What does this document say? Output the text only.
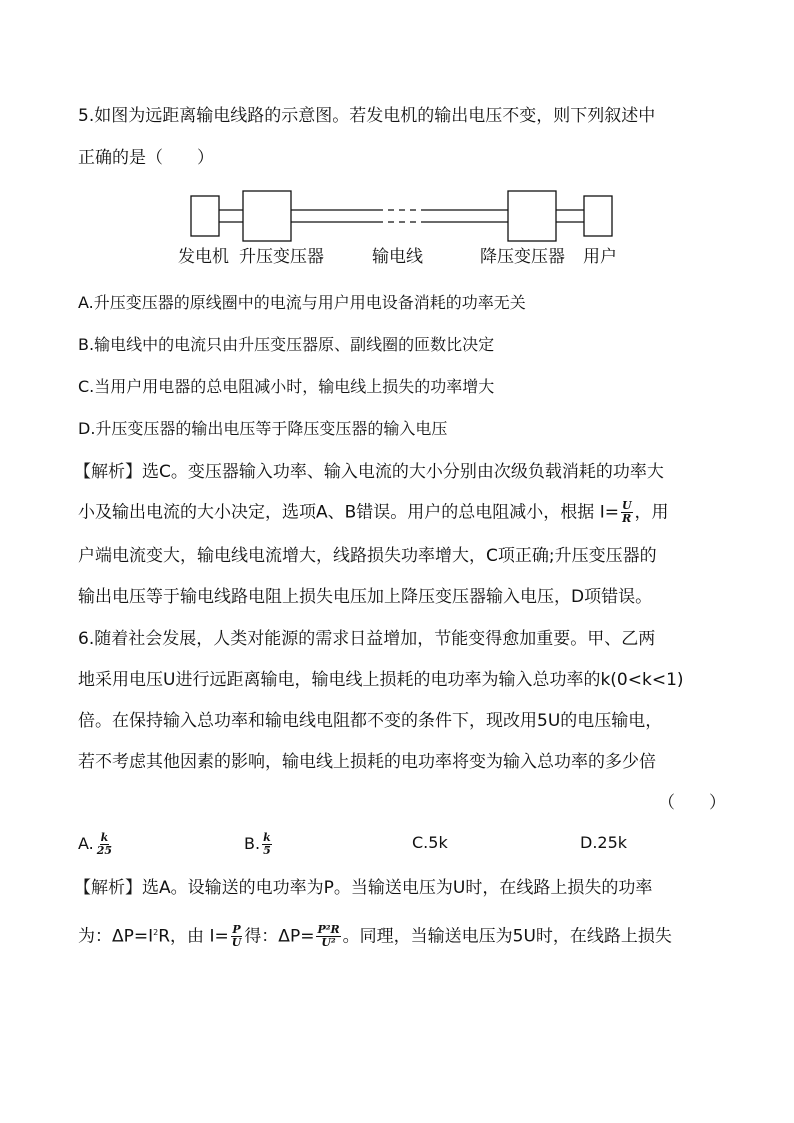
5.如图为远距离输电线路的示意图。若发电机的输出电压不变，则下列叙述中
正确的是（　　）
发电机 升压变压器	输电线	降压变压器 用户
A.升压变压器的原线圈中的电流与用户用电设备消耗的功率无关
B.输电线中的电流只由升压变压器原、副线圈的匝数比决定
C.当用户用电器的总电阻减小时，输电线上损失的功率增大
D.升压变压器的输出电压等于降压变压器的输入电压
【解析】选C。变压器输入功率、输入电流的大小分别由次级负载消耗的功率大
小及输出电流的大小决定，选项A、B错误。用户的总电阻减小，根据 $I= \frac{U}{R}$ ，用
户端电流变大，输电线电流增大，线路损失功率增大，C项正确;升压变压器的
输出电压等于输电线路电阻上损失电压加上降压变压器输入电压，D项错误。
6.随着社会发展，人类对能源的需求日益增加，节能变得愈加重要。甲、乙两
地采用电压U进行远距离输电，输电线上损耗的电功率为输入总功率的k(0<k<1)
倍。在保持输入总功率和输电线电阻都不变的条件下，现改用5U的电压输电，
若不考虑其他因素的影响，输电线上损耗的电功率将变为输入总功率的多少倍
（　　）
A. $\frac{k}{25}$	B. $\frac{k}{5}$	C.5k	D.25k
【解析】选A。设输送的电功率为P。当输送电压为U时，在线路上损失的功率
为：$\Delta P=I^2R$，由 $I= \frac{P}{U}$ 得：$\Delta P= \frac{\text{P²R}}{\text{U²}}$ 。同理，当输送电压为5U时，在线路上损失
